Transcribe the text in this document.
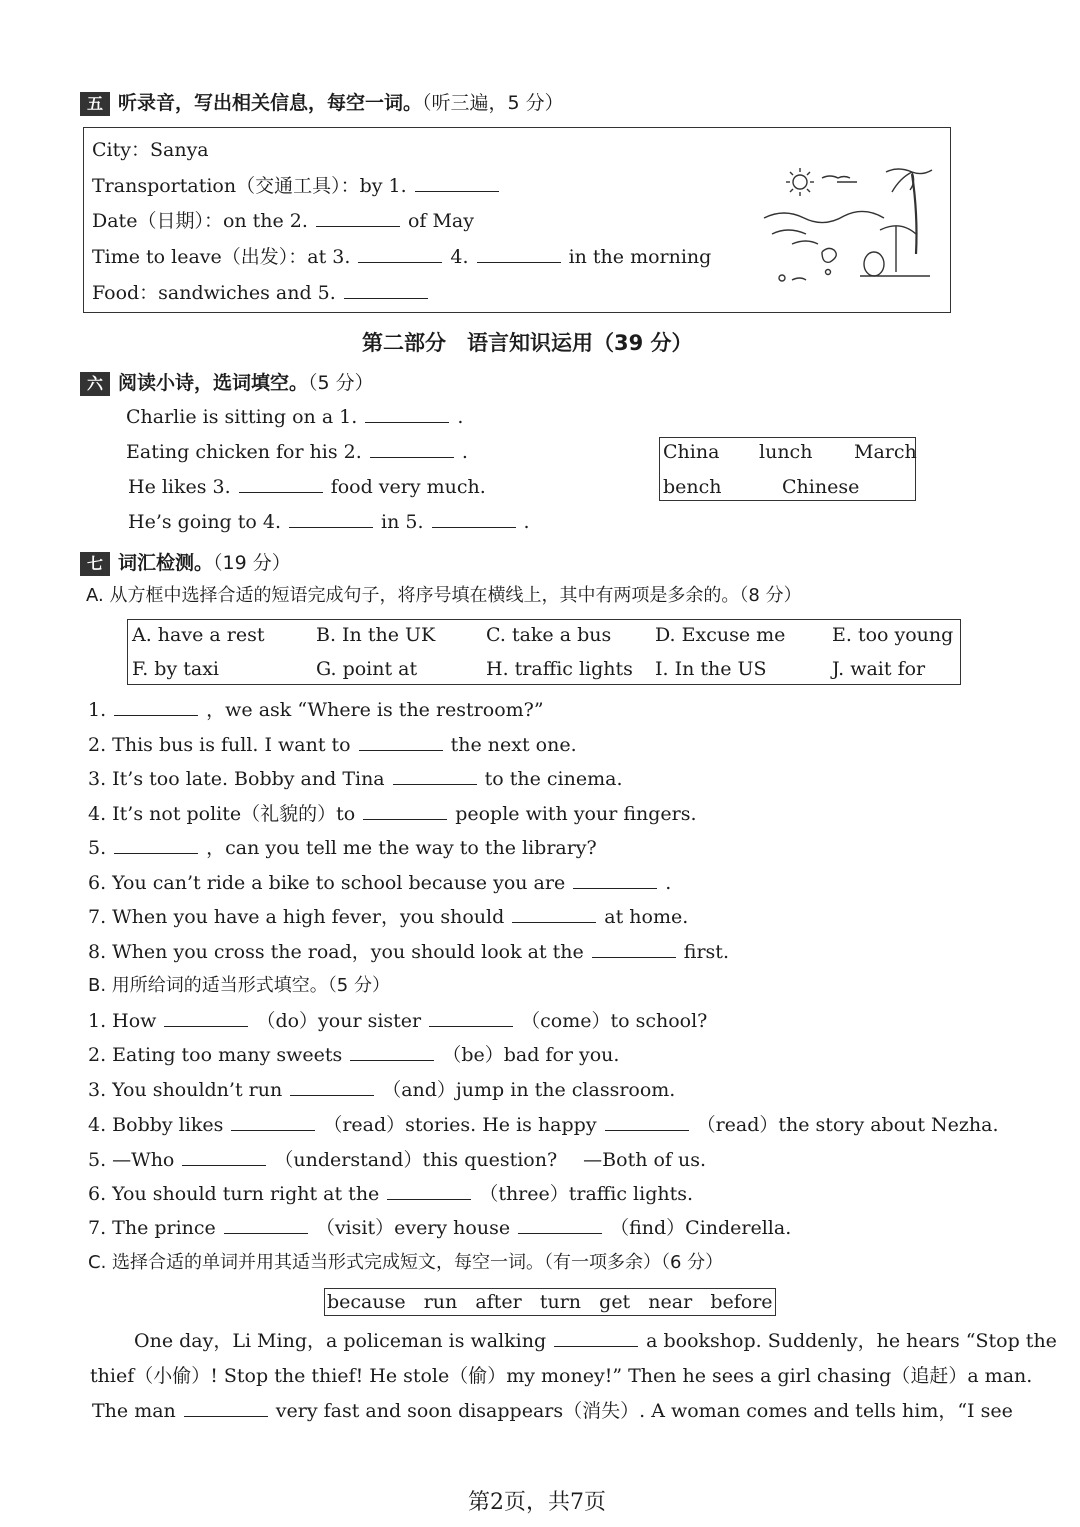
五 听录音，写出相关信息，每空一词。（听三遍，5 分）
City：Sanya
Transportation（交通工具）：by 1.
Date（日期）：on the 2.	of May
Time to leave（出发）：at 3.	4.	in the morning
Food：sandwiches and 5.
第二部分　语言知识运用（39 分）
六 阅读小诗，选词填空。（5 分）
Charlie is sitting on a 1.	.
Eating chicken for his 2.	.
He likes 3.	food very much.
He’s going to 4.	in 5.	.
China lunch March
bench	Chinese
七 词汇检测。（19 分）
A. 从方框中选择合适的短语完成句子，将序号填在横线上，其中有两项是多余的。（8 分）
A. have a rest	B. In the UK	C. take a bus D. Excuse me E. too young
F. by taxi	G. point at	H. traffic lights I. In the US	J. wait for
1.	，we ask “Where is the restroom?”
2. This bus is full. I want to	the next one.
3. It’s too late. Bobby and Tina	to the cinema.
4. It’s not polite（礼貌的）to	people with your fingers.
5.	，can you tell me the way to the library?
6. You can’t ride a bike to school because you are	.
7. When you have a high fever，you should	at home.
8. When you cross the road，you should look at the	first.
B. 用所给词的适当形式填空。（5 分）
1. How	（do）your sister	（come）to school?
2. Eating too many sweets	（be）bad for you.
3. You shouldn’t run	（and）jump in the classroom.
4. Bobby likes	（read）stories. He is happy	（read）the story about Nezha.
5. —Who	（understand）this question? —Both of us.
6. You should turn right at the	（three）traffic lights.
7. The prince	（visit）every house	（find）Cinderella.
C. 选择合适的单词并用其适当形式完成短文，每空一词。（有一项多余）（6 分）
because   run   after   turn   get   near   before
One day，Li Ming，a policeman is walking	a bookshop. Suddenly，he hears “Stop the
thief（小偷）! Stop the thief! He stole（偷）my money!” Then he sees a girl chasing（追赶）a man.
The man	very fast and soon disappears（消失）. A woman comes and tells him，“I see
第2页，共7页
